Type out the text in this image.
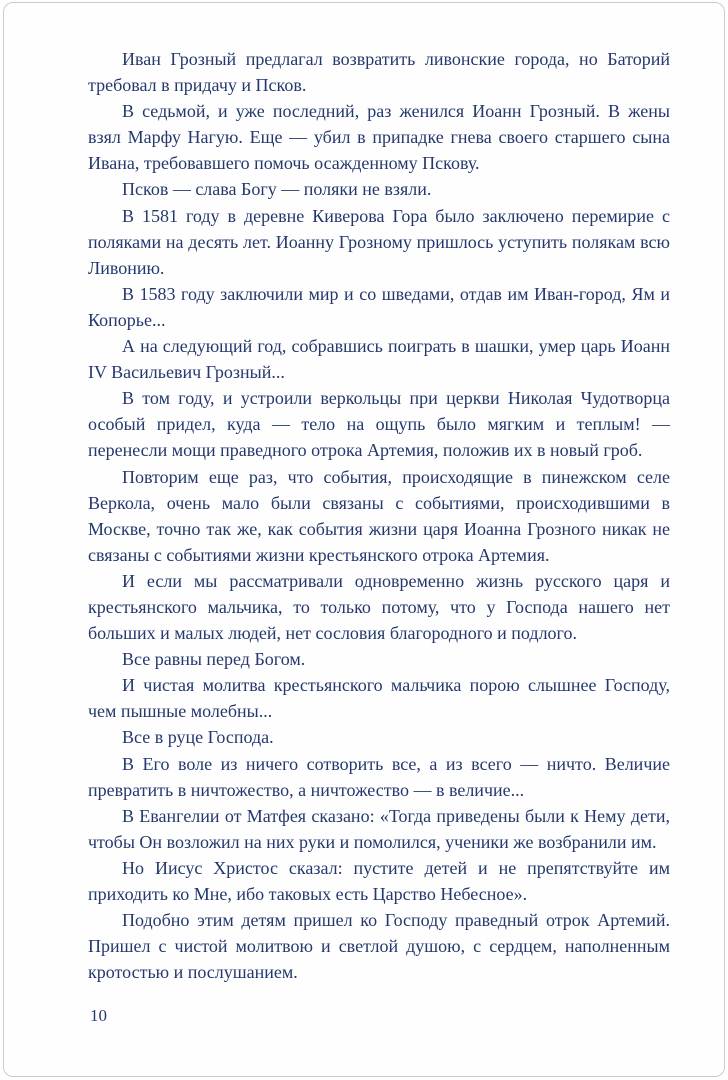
Иван Грозный предлагал возвратить ливонские города, но Баторий требовал в придачу и Псков.

В седьмой, и уже последний, раз женился Иоанн Грозный. В жены взял Марфу Нагую. Еще — убил в припадке гнева своего старшего сына Ивана, требовавшего помочь осажденному Пскову.

Псков — слава Богу — поляки не взяли.

В 1581 году в деревне Киверова Гора было заключено перемирие с поляками на десять лет. Иоанну Грозному пришлось уступить полякам всю Ливонию.

В 1583 году заключили мир и со шведами, отдав им Иван-город, Ям и Копорье...

А на следующий год, собравшись поиграть в шашки, умер царь Иоанн IV Васильевич Грозный...

В том году, и устроили веркольцы при церкви Николая Чудотворца особый придел, куда — тело на ощупь было мягким и теплым! — перенесли мощи праведного отрока Артемия, положив их в новый гроб.

Повторим еще раз, что события, происходящие в пинежском селе Веркола, очень мало были связаны с событиями, происходившими в Москве, точно так же, как события жизни царя Иоанна Грозного никак не связаны с событиями жизни крестьянского отрока Артемия.

И если мы рассматривали одновременно жизнь русского царя и крестьянского мальчика, то только потому, что у Господа нашего нет больших и малых людей, нет сословия благородного и подлого.

Все равны перед Богом.

И чистая молитва крестьянского мальчика порою слышнее Господу, чем пышные молебны...

Все в руце Господа.

В Его воле из ничего сотворить все, а из всего — ничто. Величие превратить в ничтожество, а ничтожество — в величие...

В Евангелии от Матфея сказано: «Тогда приведены были к Нему дети, чтобы Он возложил на них руки и помолился, ученики же возбранили им.

Но Иисус Христос сказал: пустите детей и не препятствуйте им приходить ко Мне, ибо таковых есть Царство Небесное».

Подобно этим детям пришел ко Господу праведный отрок Артемий. Пришел с чистой молитвою и светлой душою, с сердцем, наполненным кротостью и послушанием.

10
